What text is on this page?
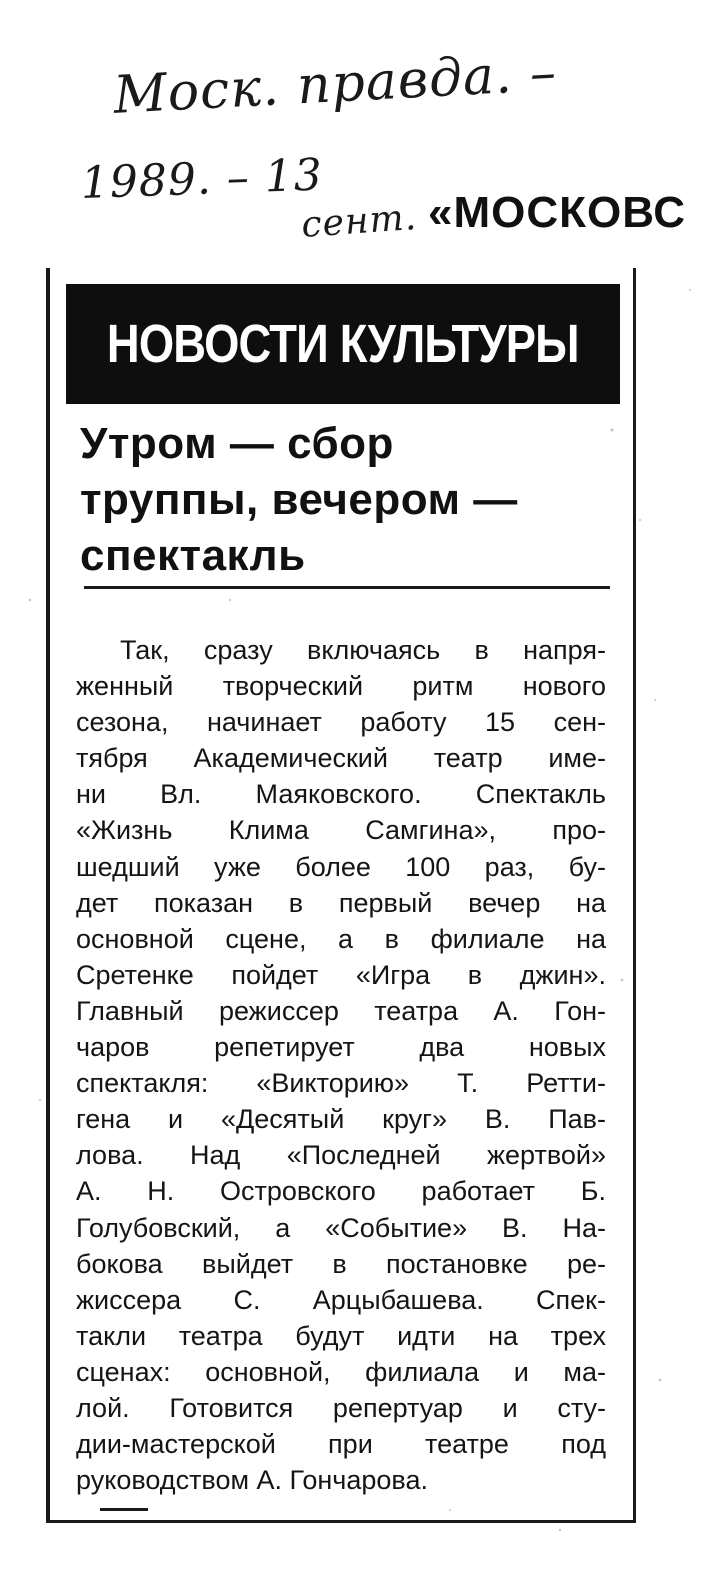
Моск. правда. –
1989. – 13
сент. «МОСКОВС
НОВОСТИ КУЛЬТУРЫ
Утром — сбор
труппы, вечером —
спектакль
Так, сразу включаясь в напря-
женный творческий ритм нового
сезона, начинает работу 15 сен-
тября Академический театр име-
ни Вл. Маяковского. Спектакль
«Жизнь Клима Самгина», про-
шедший уже более 100 раз, бу-
дет показан в первый вечер на
основной сцене, а в филиале на
Сретенке пойдет «Игра в джин».
Главный режиссер театра А. Гон-
чаров репетирует два новых
спектакля: «Викторию» Т. Ретти-
гена и «Десятый круг» В. Пав-
лова. Над «Последней жертвой»
А. Н. Островского работает Б.
Голубовский, а «Событие» В. На-
бокова выйдет в постановке ре-
жиссера С. Арцыбашева. Спек-
такли театра будут идти на трех
сценах: основной, филиала и ма-
лой. Готовится репертуар и сту-
дии-мастерской при театре под
руководством А. Гончарова.
